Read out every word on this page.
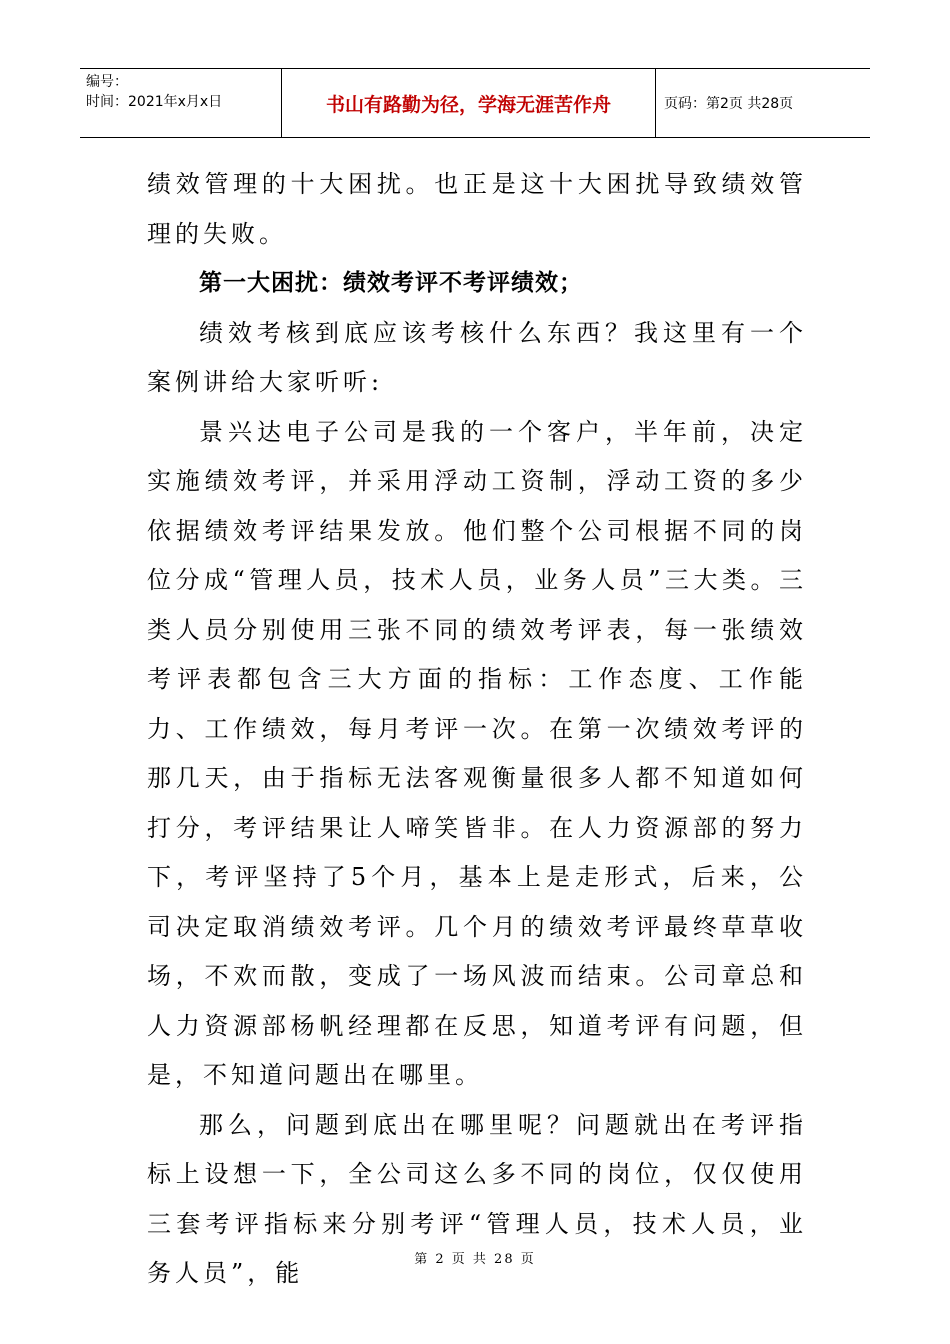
编号：
时间：2021年x月x日	书山有路勤为径，学海无涯苦作舟	页码：第2页 共28页

绩效管理的十大困扰。也正是这十大困扰导致绩效管理的失败。

第一大困扰：绩效考评不考评绩效；

绩效考核到底应该考核什么东西？我这里有一个案例讲给大家听听:

景兴达电子公司是我的一个客户，半年前，决定实施绩效考评，并采用浮动工资制，浮动工资的多少依据绩效考评结果发放。他们整个公司根据不同的岗位分成“管理人员，技术人员，业务人员”三大类。三类人员分别使用三张不同的绩效考评表，每一张绩效考评表都包含三大方面的指标：工作态度、工作能力、工作绩效，每月考评一次。在第一次绩效考评的那几天，由于指标无法客观衡量很多人都不知道如何打分，考评结果让人啼笑皆非。在人力资源部的努力下，考评坚持了5个月，基本上是走形式，后来，公司决定取消绩效考评。几个月的绩效考评最终草草收场，不欢而散，变成了一场风波而结束。公司章总和人力资源部杨帆经理都在反思，知道考评有问题，但是，不知道问题出在哪里。

那么，问题到底出在哪里呢？问题就出在考评指标上设想一下，全公司这么多不同的岗位，仅仅使用三套考评指标来分别考评“管理人员，技术人员，业务人员”，能	第 2 页 共 28 页
